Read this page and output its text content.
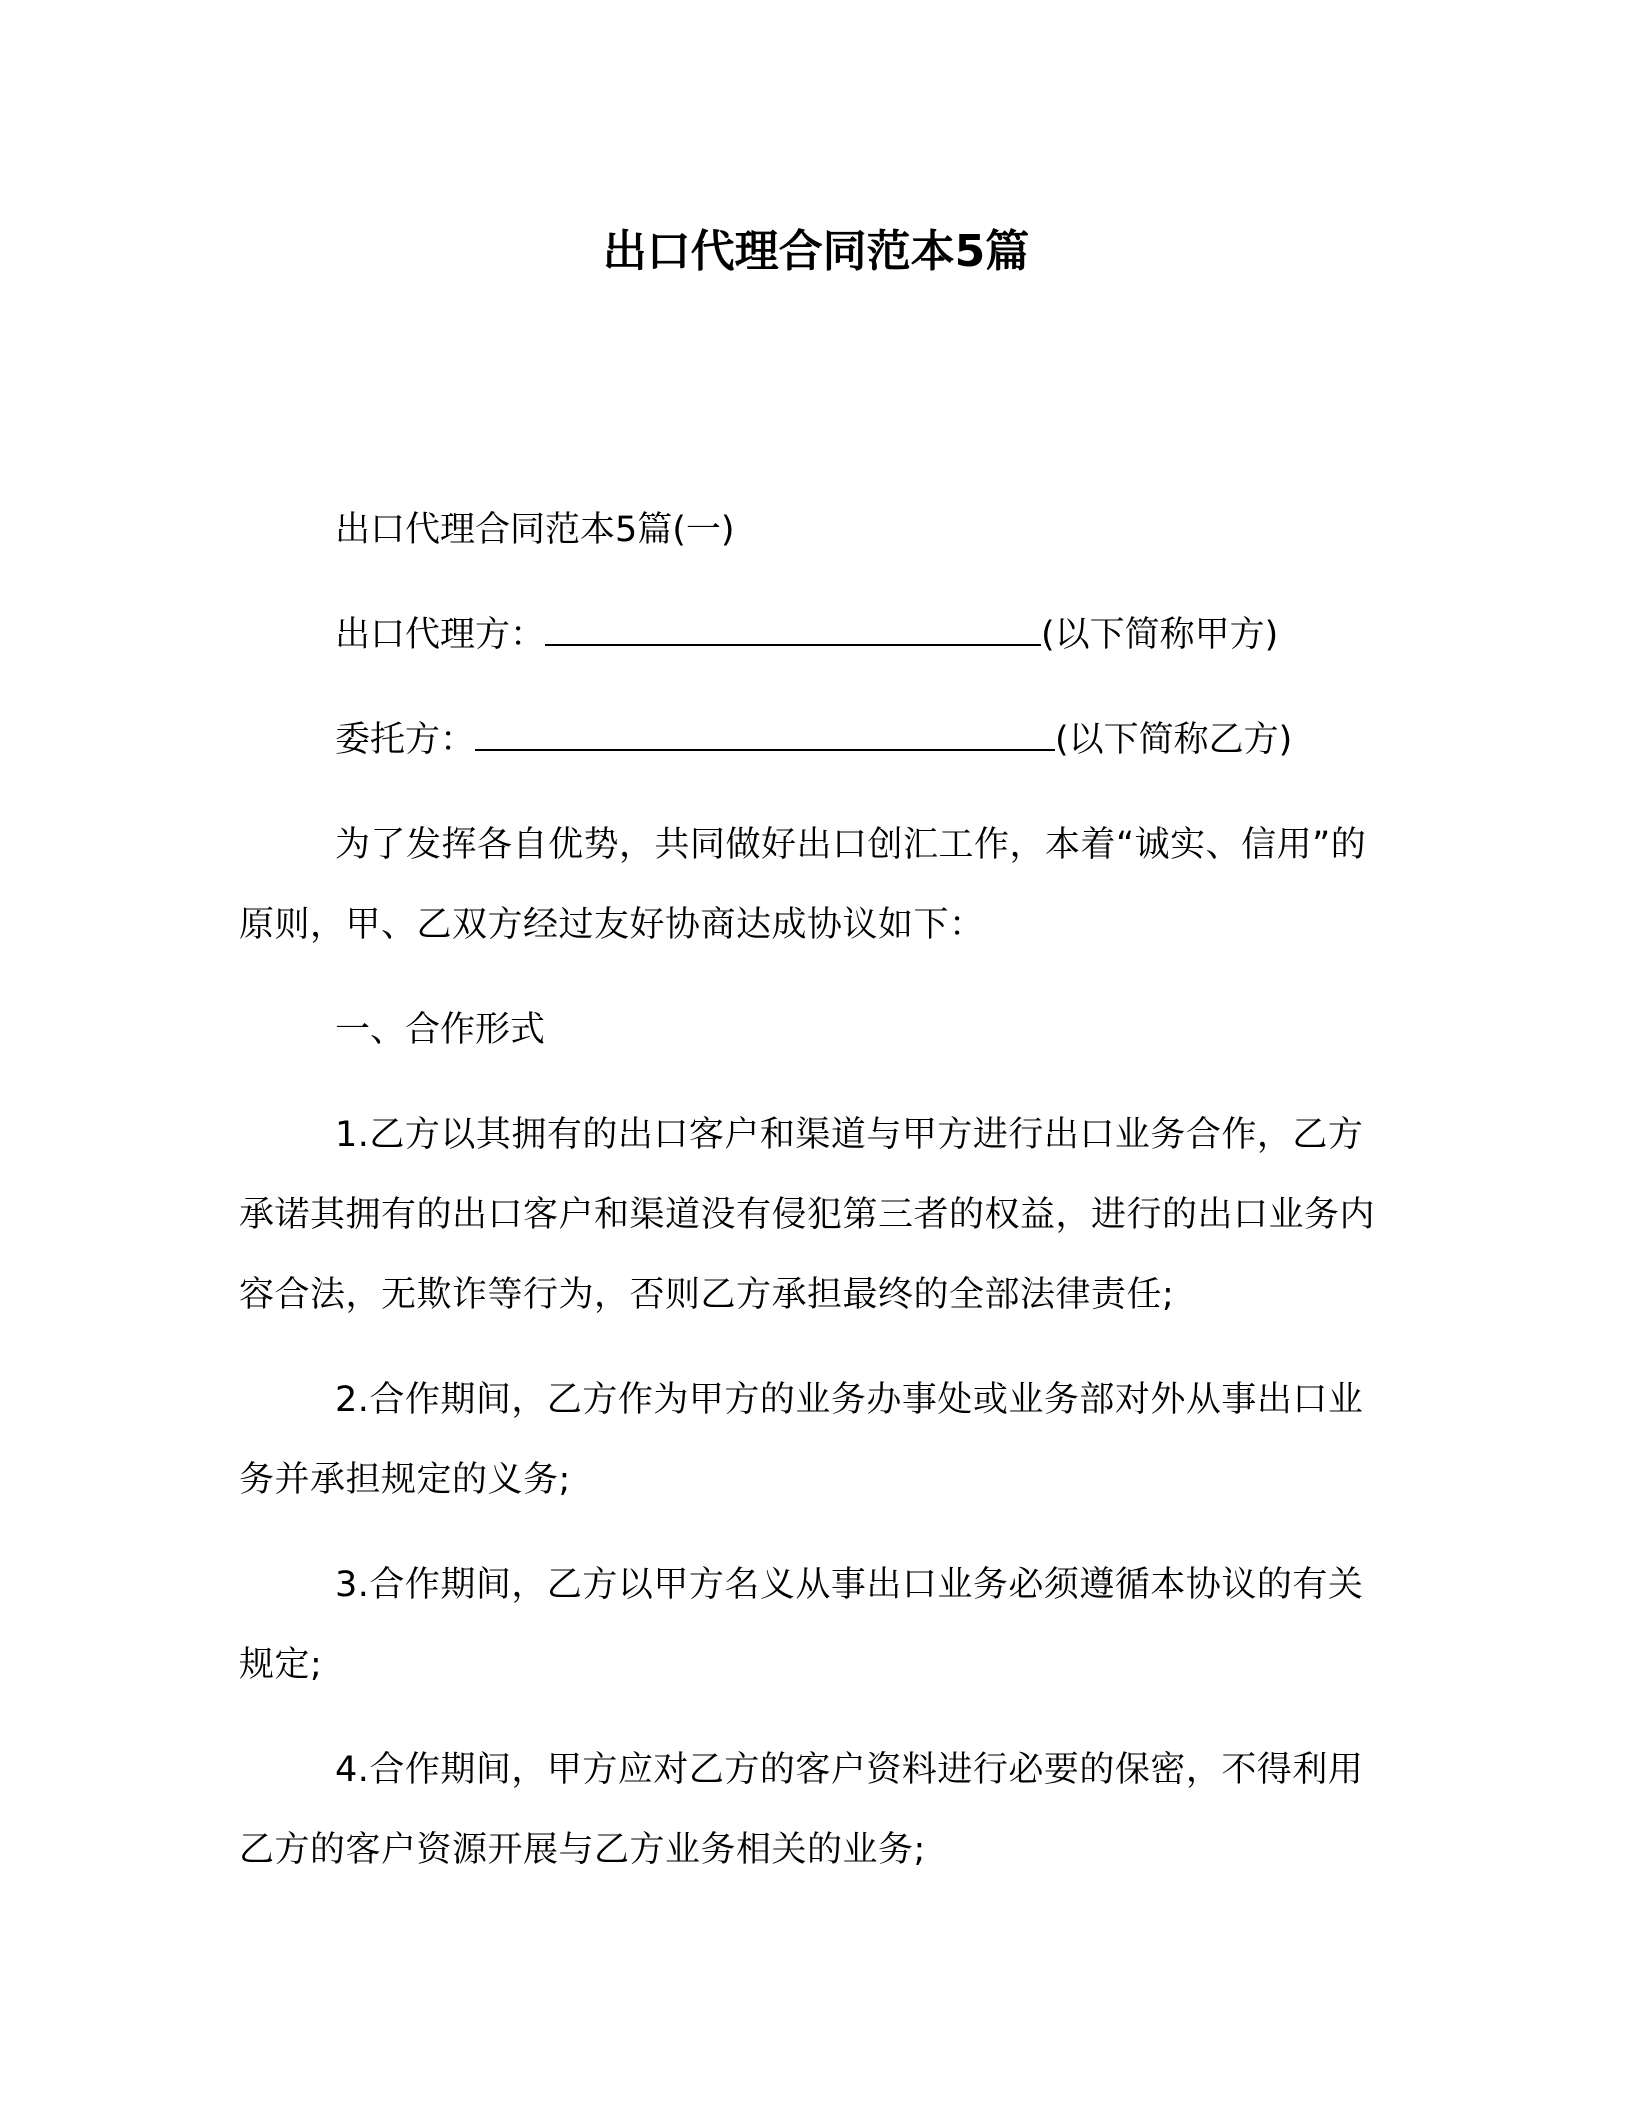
出口代理合同范本5篇

出口代理合同范本5篇(一)

出口代理方：	(以下简称甲方)

委托方：	(以下简称乙方)

为了发挥各自优势，共同做好出口创汇工作，本着“诚实、信用”的原则，甲、乙双方经过友好协商达成协议如下：

一、合作形式

1.乙方以其拥有的出口客户和渠道与甲方进行出口业务合作，乙方承诺其拥有的出口客户和渠道没有侵犯第三者的权益，进行的出口业务内容合法，无欺诈等行为，否则乙方承担最终的全部法律责任;

2.合作期间，乙方作为甲方的业务办事处或业务部对外从事出口业务并承担规定的义务;

3.合作期间，乙方以甲方名义从事出口业务必须遵循本协议的有关规定;

4.合作期间，甲方应对乙方的客户资料进行必要的保密，不得利用乙方的客户资源开展与乙方业务相关的业务;
